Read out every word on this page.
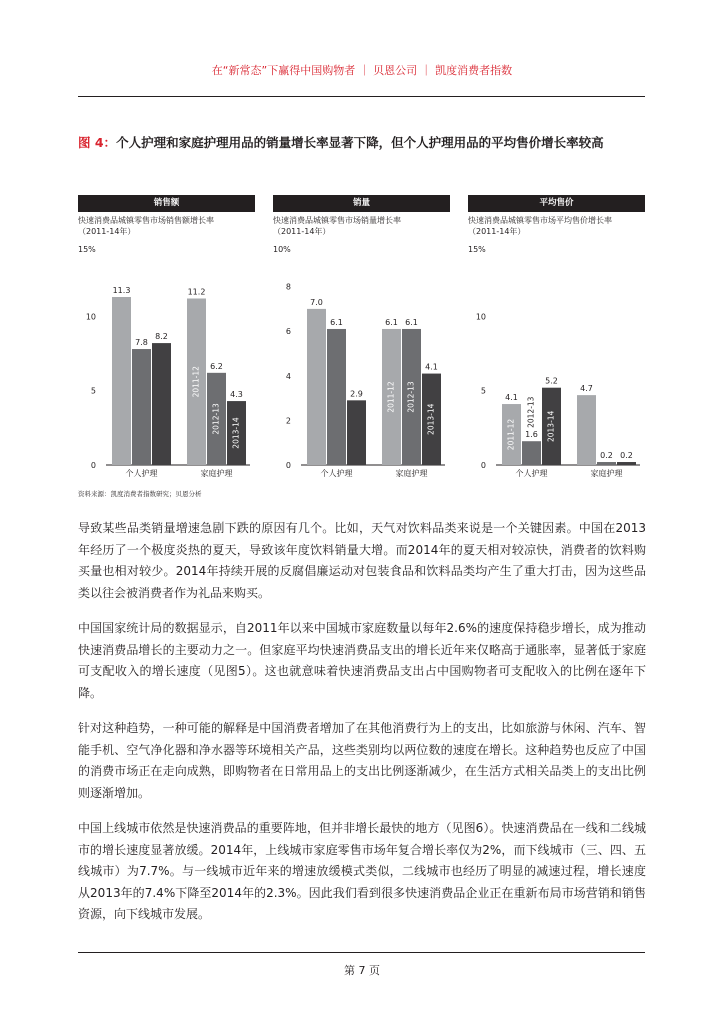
在“新常态”下赢得中国购物者 ｜ 贝恩公司 ｜ 凯度消费者指数
图 4：个人护理和家庭护理用品的销量增长率显著下降，但个人护理用品的平均售价增长率较高
销售额
快速消费品城镇零售市场销售额增长率
（2011-14年）
15%
0
5
10
11.3
7.8
8.2
个人护理
11.2
2011-12 6.2
2012-13
4.3
2013-14
家庭护理
销量
快速消费品城镇零售市场销量增长率
（2011-14年）
10%
0
2
4
6
8
7.0
6.1
2.9
个人护理
6.1
2011-12
6.1
2012-13
4.1
2013-14
家庭护理
平均售价
快速消费品城镇零售市场平均售价增长率
（2011-14年）
15%
0
5
10
4.1
2011-12 1.6
2012-13
5.2
2013-14
个人护理
4.7
0.2 0.2
家庭护理
资料来源：凯度消费者指数研究；贝恩分析

导致某些品类销量增速急剧下跌的原因有几个。比如，天气对饮料品类来说是一个关键因素。中国在2013年经历了一个极度炎热的夏天，导致该年度饮料销量大增。而2014年的夏天相对较凉快，消费者的饮料购买量也相对较少。2014年持续开展的反腐倡廉运动对包装食品和饮料品类均产生了重大打击，因为这些品类以往会被消费者作为礼品来购买。

中国国家统计局的数据显示，自2011年以来中国城市家庭数量以每年2.6%的速度保持稳步增长，成为推动快速消费品增长的主要动力之一。但家庭平均快速消费品支出的增长近年来仅略高于通胀率，显著低于家庭可支配收入的增长速度（见图5）。这也就意味着快速消费品支出占中国购物者可支配收入的比例在逐年下降。

针对这种趋势，一种可能的解释是中国消费者增加了在其他消费行为上的支出，比如旅游与休闲、汽车、智能手机、空气净化器和净水器等环境相关产品，这些类别均以两位数的速度在增长。这种趋势也反应了中国的消费市场正在走向成熟，即购物者在日常用品上的支出比例逐渐减少，在生活方式相关品类上的支出比例则逐渐增加。

中国上线城市依然是快速消费品的重要阵地，但并非增长最快的地方（见图6）。快速消费品在一线和二线城市的增长速度显著放缓。2014年，上线城市家庭零售市场年复合增长率仅为2%，而下线城市（三、四、五线城市）为7.7%。与一线城市近年来的增速放缓模式类似，二线城市也经历了明显的减速过程，增长速度从2013年的7.4%下降至2014年的2.3%。因此我们看到很多快速消费品企业正在重新布局市场营销和销售资源，向下线城市发展。

第 7 页
